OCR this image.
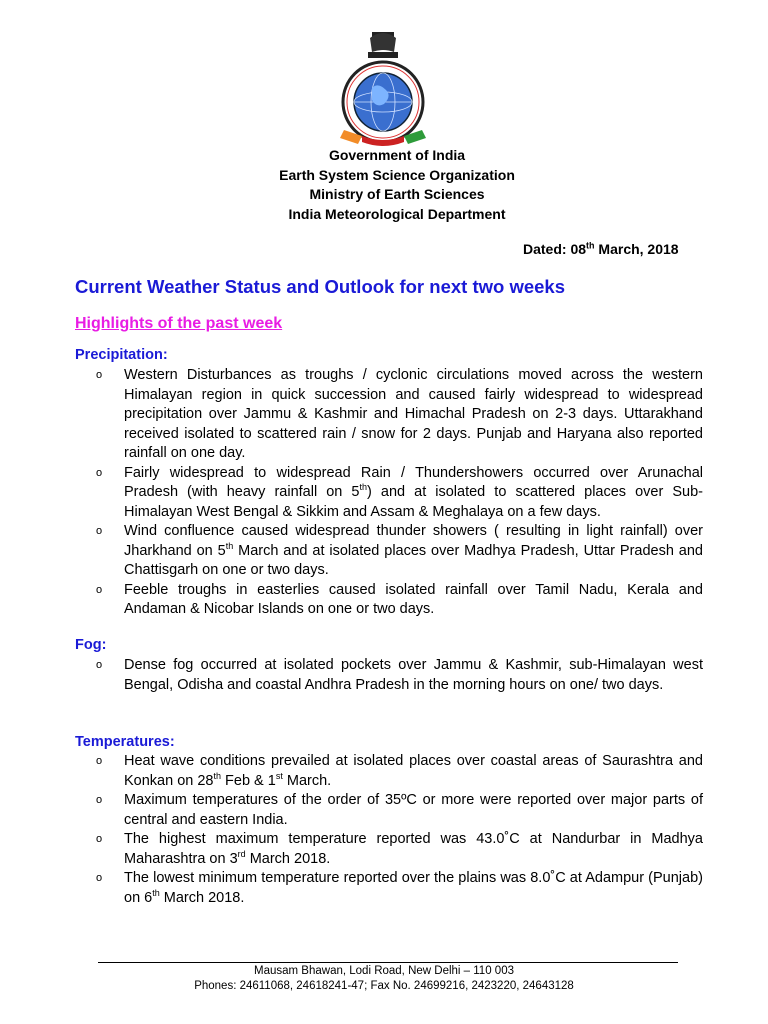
Government of India
Earth System Science Organization
Ministry of Earth Sciences
India Meteorological Department
Dated: 08th March, 2018
Current Weather Status and Outlook for next two weeks
Highlights of the past week
Precipitation:
o Western Disturbances as troughs / cyclonic circulations moved across the western Himalayan region in quick succession and caused fairly widespread to widespread precipitation over Jammu & Kashmir and Himachal Pradesh on 2-3 days. Uttarakhand received isolated to scattered rain / snow for 2 days. Punjab and Haryana also reported rainfall on one day.
o Fairly widespread to widespread Rain / Thundershowers occurred over Arunachal Pradesh (with heavy rainfall on 5th) and at isolated to scattered places over Sub-Himalayan West Bengal & Sikkim and Assam & Meghalaya on a few days.
o Wind confluence caused widespread thunder showers ( resulting in light rainfall) over Jharkhand on 5th March and at isolated places over Madhya Pradesh, Uttar Pradesh and Chattisgarh on one or two days.
o Feeble troughs in easterlies caused isolated rainfall over Tamil Nadu, Kerala and Andaman & Nicobar Islands on one or two days.
Fog:
o Dense fog occurred at isolated pockets over Jammu & Kashmir, sub-Himalayan west Bengal, Odisha and coastal Andhra Pradesh in the morning hours on one/ two days.
Temperatures:
o Heat wave conditions prevailed at isolated places over coastal areas of Saurashtra and Konkan on 28th Feb & 1st March.
o Maximum temperatures of the order of 35ºC or more were reported over major parts of central and eastern India.
o The highest maximum temperature reported was 43.0˚C at Nandurbar in Madhya Maharashtra on 3rd March 2018.
o The lowest minimum temperature reported over the plains was 8.0˚C at Adampur (Punjab) on 6th March 2018.
Mausam Bhawan, Lodi Road, New Delhi – 110 003
Phones: 24611068, 24618241-47; Fax No. 24699216, 2423220, 24643128
